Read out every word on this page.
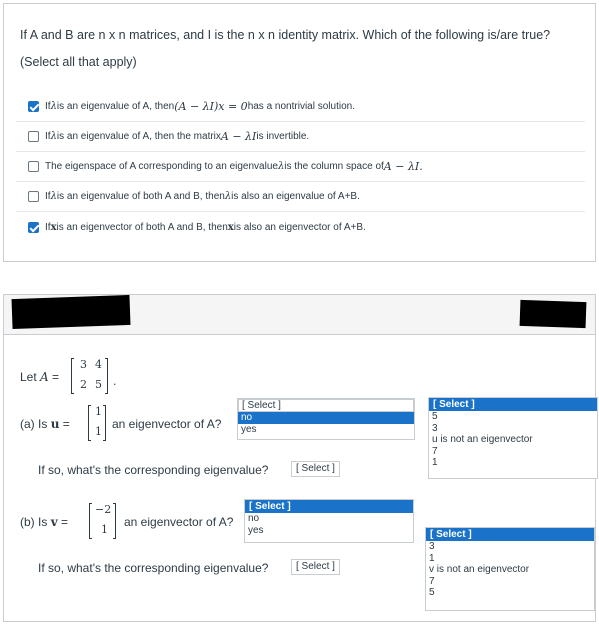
If A and B are n x n matrices, and I is the n x n identity matrix. Which of the following is/are true?
(Select all that apply)
If λ is an eigenvalue of A, then (A − λI)x = 0 has a nontrivial solution.
If λ is an eigenvalue of A, then the matrix A − λI is invertible.
The eigenspace of A corresponding to an eigenvalue λ is the column space of A − λI.
If λ is an eigenvalue of both A and B, then λ is also an eigenvalue of A+B.
If x is an eigenvector of both A and B, then x is also an eigenvector of A+B.
Let A =
3 4
2 5 .
(a) Is u =
1
1
an eigenvector of A?
[ Select ]
no
yes
If so, what's the corresponding eigenvalue?	[ Select ]
[ Select ]
5
3
u is not an eigenvector
7
1
(b) Is v =
−2
1
an eigenvector of A?
[ Select ]
no
yes
If so, what's the corresponding eigenvalue?	[ Select ]
[ Select ]
3
1
v is not an eigenvector
7
5
